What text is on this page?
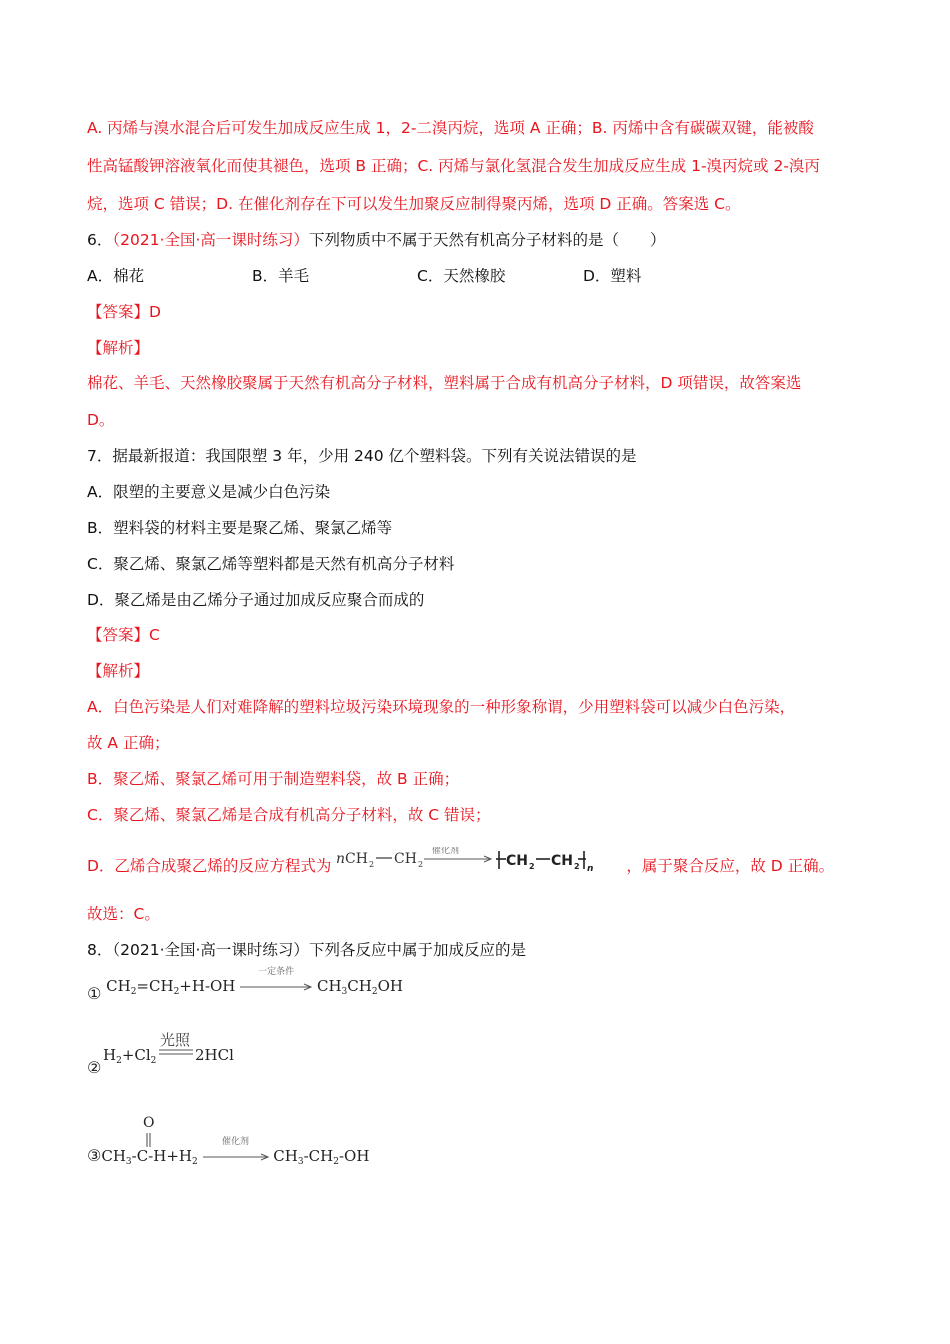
A. 丙烯与溴水混合后可发生加成反应生成 1，2-二溴丙烷，选项 A 正确；B. 丙烯中含有碳碳双键，能被酸
性高锰酸钾溶液氧化而使其褪色，选项 B 正确；C. 丙烯与氯化氢混合发生加成反应生成 1-溴丙烷或 2-溴丙
烷，选项 C 错误；D. 在催化剂存在下可以发生加聚反应制得聚丙烯，选项 D 正确。答案选 C。
6．（2021·全国·高一课时练习）下列物质中不属于天然有机高分子材料的是（　　）
A．棉花	B．羊毛	C．天然橡胶	D．塑料
【答案】D
【解析】
棉花、羊毛、天然橡胶聚属于天然有机高分子材料，塑料属于合成有机高分子材料，D 项错误，故答案选
D。
7．据最新报道：我国限塑 3 年，少用 240 亿个塑料袋。下列有关说法错误的是
A．限塑的主要意义是减少白色污染
B．塑料袋的材料主要是聚乙烯、聚氯乙烯等
C．聚乙烯、聚氯乙烯等塑料都是天然有机高分子材料
D．聚乙烯是由乙烯分子通过加成反应聚合而成的
【答案】C
【解析】
A．白色污染是人们对难降解的塑料垃圾污染环境现象的一种形象称谓，少用塑料袋可以减少白色污染，
故 A 正确；
B．聚乙烯、聚氯乙烯可用于制造塑料袋，故 B 正确；
C．聚乙烯、聚氯乙烯是合成有机高分子材料，故 C 错误；
D．乙烯合成聚乙烯的反应方程式为 n CH 2 CH 2
催化剂
CH 2 CH 2 n ，属于聚合反应，故 D 正确。
故选：C。
8．（2021·全国·高一课时练习）下列各反应中属于加成反应的是
① $CH_2=CH_2+H-OH$
一定条件
$CH_3CH_2OH$
②
$H_2+Cl_2$
光照
2HCl
O
$③CH_3-C-H+H_2$
催化剂
$CH_3-CH_2-OH$
